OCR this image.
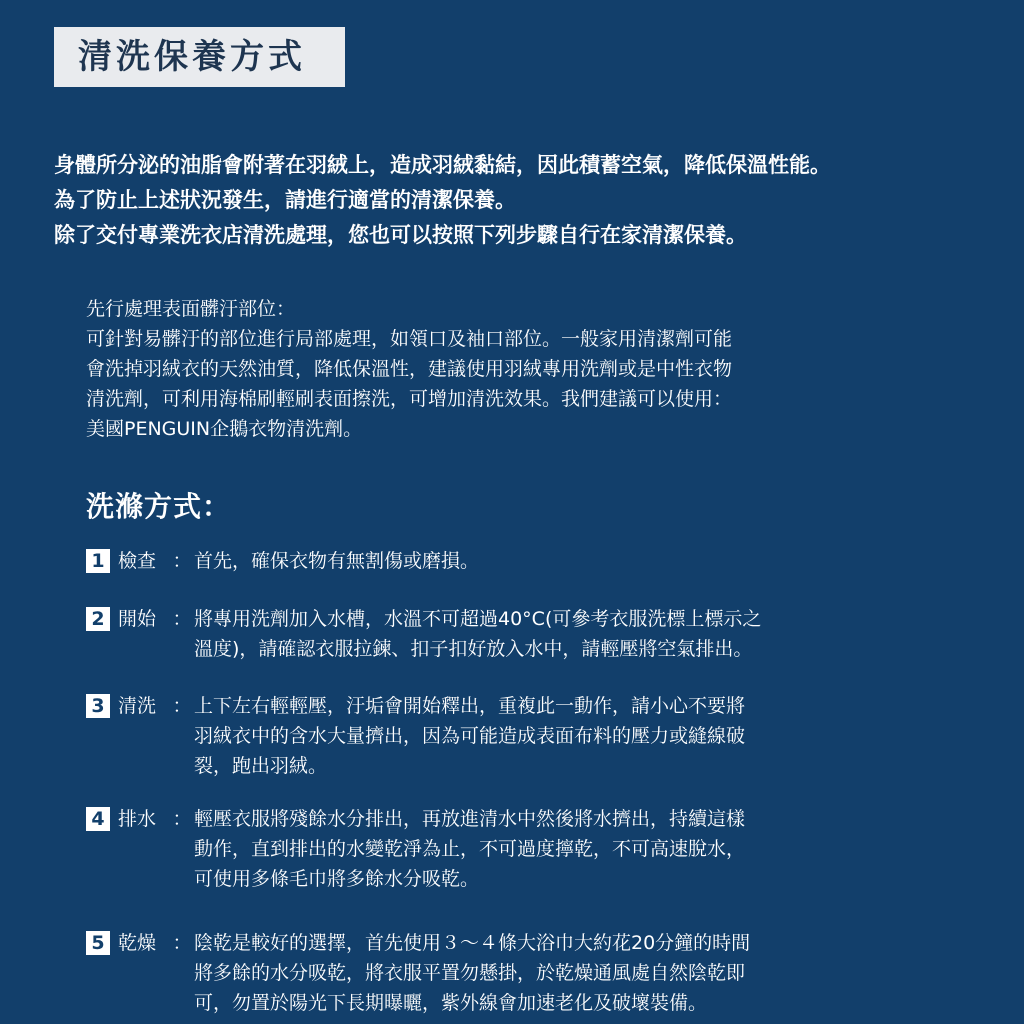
清洗保養方式

身體所分泌的油脂會附著在羽絨上，造成羽絨黏結，因此積蓄空氣，降低保溫性能。

為了防止上述狀況發生，請進行適當的清潔保養。

除了交付專業洗衣店清洗處理，您也可以按照下列步驟自行在家清潔保養。

先行處理表面髒汙部位：

可針對易髒汙的部位進行局部處理，如領口及袖口部位。一般家用清潔劑可能

會洗掉羽絨衣的天然油質，降低保溫性，建議使用羽絨專用洗劑或是中性衣物

清洗劑，可利用海棉刷輕刷表面擦洗，可增加清洗效果。我們建議可以使用：

美國PENGUIN企鵝衣物清洗劑。

洗滌方式：
1 檢查 ： 首先，確保衣物有無割傷或磨損。

2 開始 ： 將專用洗劑加入水槽，水溫不可超過40°C(可參考衣服洗標上標示之

溫度)，請確認衣服拉鍊、扣子扣好放入水中，請輕壓將空氣排出。

3 清洗 ： 上下左右輕輕壓，汙垢會開始釋出，重複此一動作，請小心不要將

羽絨衣中的含水大量擠出，因為可能造成表面布料的壓力或縫線破

裂，跑出羽絨。

4 排水 ： 輕壓衣服將殘餘水分排出，再放進清水中然後將水擠出，持續這樣

動作，直到排出的水變乾淨為止，不可過度擰乾，不可高速脫水，

可使用多條毛巾將多餘水分吸乾。

5 乾燥 ： 陰乾是較好的選擇，首先使用３～４條大浴巾大約花20分鐘的時間

將多餘的水分吸乾，將衣服平置勿懸掛，於乾燥通風處自然陰乾即

可，勿置於陽光下長期曝曬，紫外線會加速老化及破壞裝備。
